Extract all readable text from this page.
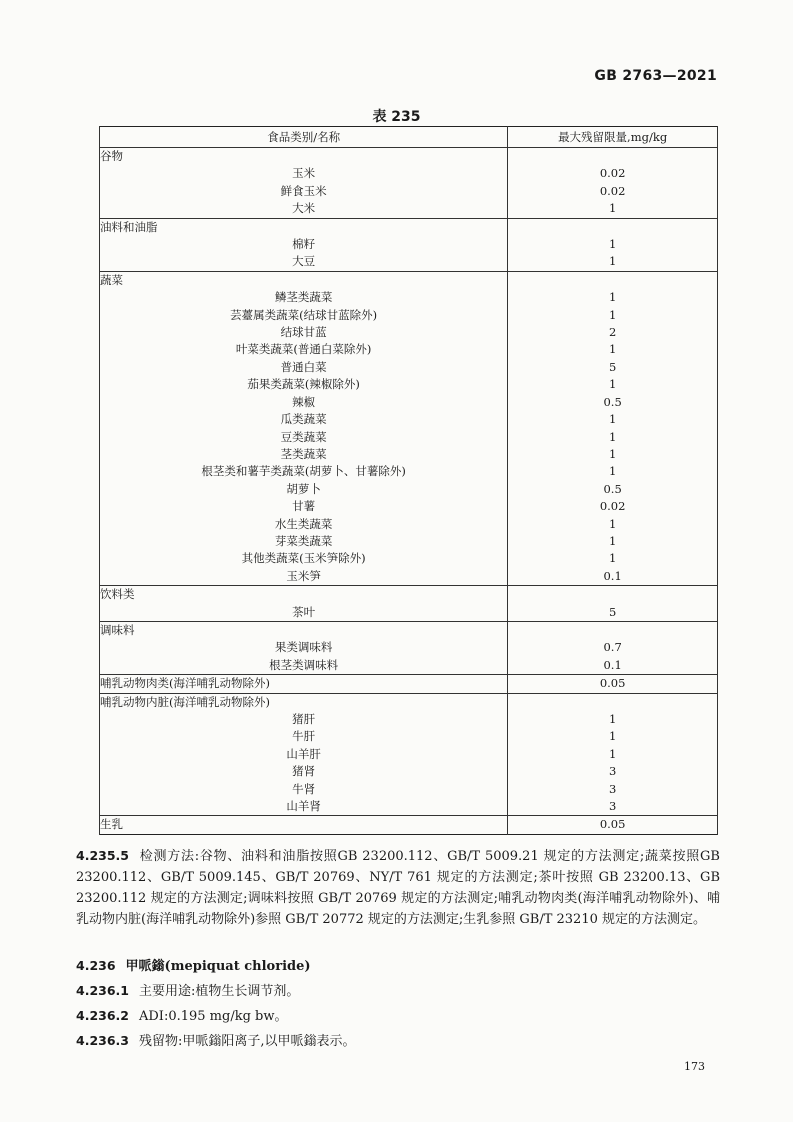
GB 2763—2021
表 235
食品类别/名称	最大残留限量,mg/kg
谷物	
玉米	0.02
鲜食玉米	0.02
大米	1
油料和油脂	
棉籽	1
大豆	1
蔬菜	
鳞茎类蔬菜	1
芸薹属类蔬菜(结球甘蓝除外)	1
结球甘蓝	2
叶菜类蔬菜(普通白菜除外)	1
普通白菜	5
茄果类蔬菜(辣椒除外)	1
辣椒	0.5
瓜类蔬菜	1
豆类蔬菜	1
茎类蔬菜	1
根茎类和薯芋类蔬菜(胡萝卜、甘薯除外)	1
胡萝卜	0.5
甘薯	0.02
水生类蔬菜	1
芽菜类蔬菜	1
其他类蔬菜(玉米笋除外)	1
玉米笋	0.1
饮料类	
茶叶	5
调味料	
果类调味料	0.7
根茎类调味料	0.1
哺乳动物肉类(海洋哺乳动物除外)	0.05
哺乳动物内脏(海洋哺乳动物除外)	
猪肝	1
牛肝	1
山羊肝	1
猪肾	3
牛肾	3
山羊肾	3
生乳	0.05
4.235.5 检测方法:谷物、油料和油脂按照GB 23200.112、GB/T 5009.21 规定的方法测定;蔬菜按照GB 23200.112、GB/T 5009.145、GB/T 20769、NY/T 761 规定的方法测定;茶叶按照 GB 23200.13、GB 23200.112 规定的方法测定;调味料按照 GB/T 20769 规定的方法测定;哺乳动物肉类(海洋哺乳动物除外)、哺乳动物内脏(海洋哺乳动物除外)参照 GB/T 20772 规定的方法测定;生乳参照 GB/T 23210 规定的方法测定。
4.236 甲哌鎓(mepiquat chloride)
4.236.1 主要用途:植物生长调节剂。
4.236.2 ADI:0.195 mg/kg bw。
4.236.3 残留物:甲哌鎓阳离子,以甲哌鎓表示。
173
